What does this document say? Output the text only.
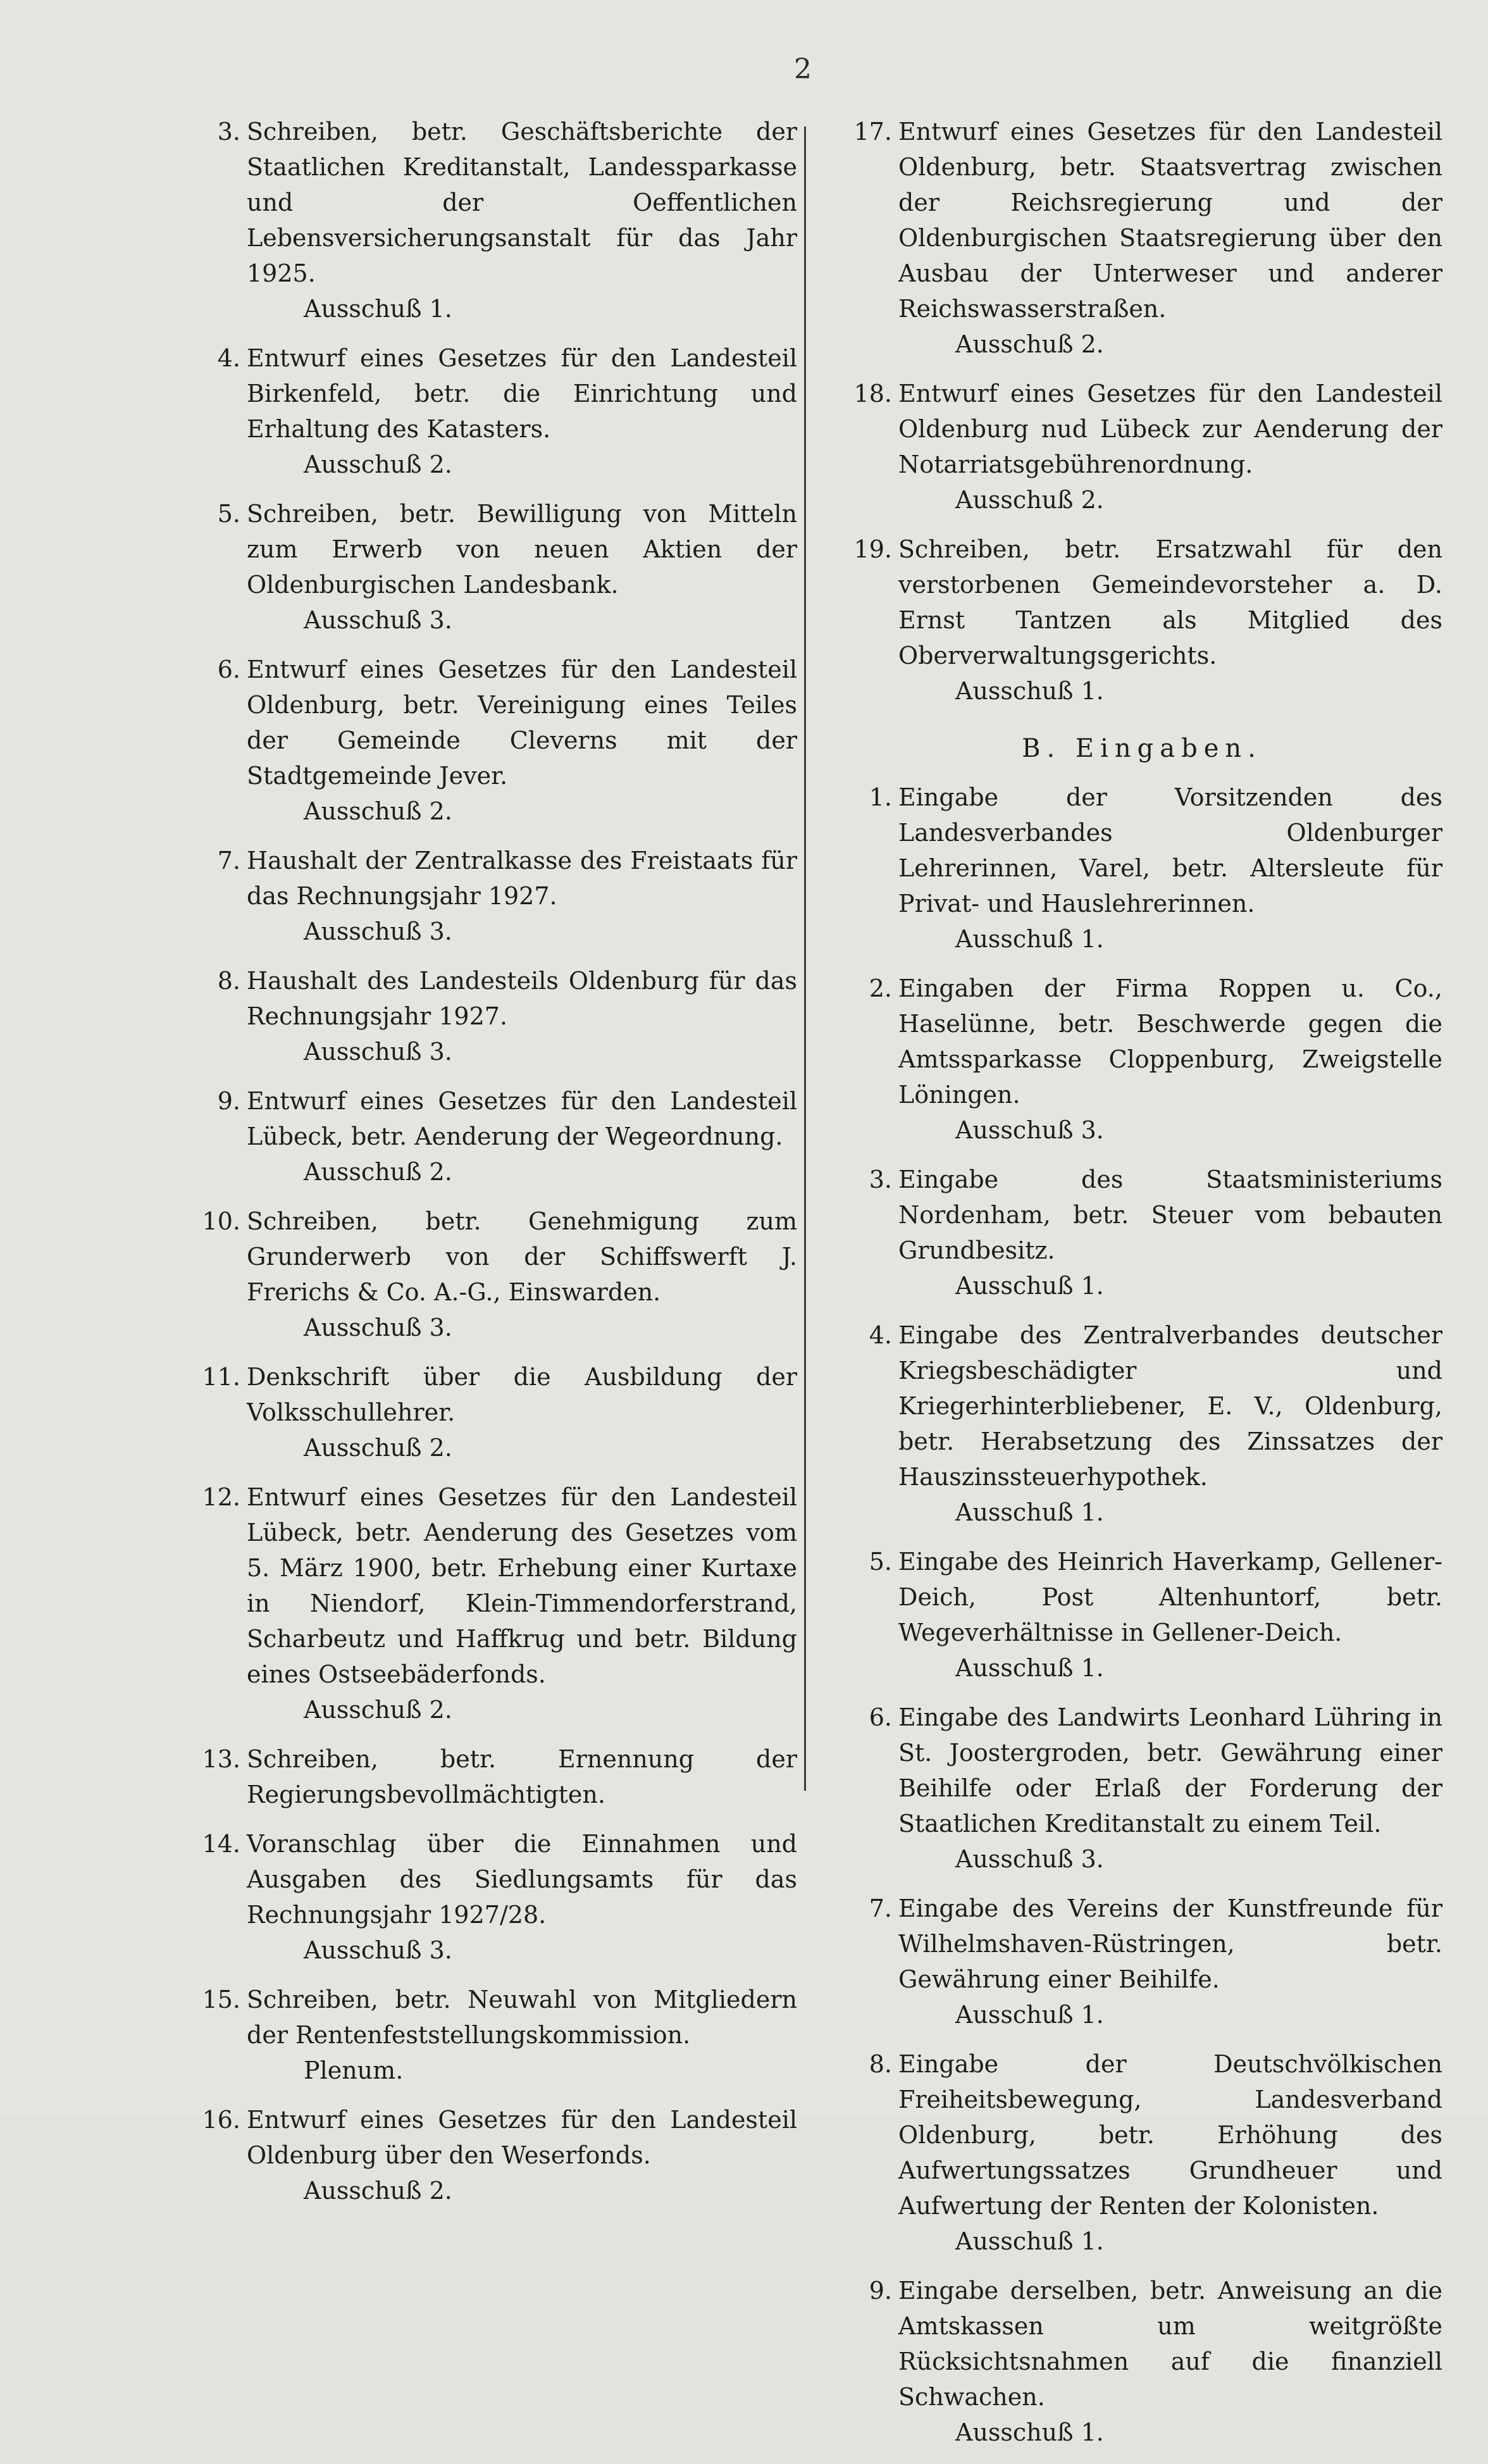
2
3. Schreiben, betr. Geschäftsberichte der Staatlichen Kreditanstalt, Landessparkasse und der Oeffentlichen Lebensversicherungsanstalt für das Jahr 1925.
Ausschuß 1.
4. Entwurf eines Gesetzes für den Landesteil Birkenfeld, betr. die Einrichtung und Erhaltung des Katasters.
Ausschuß 2.
5. Schreiben, betr. Bewilligung von Mitteln zum Erwerb von neuen Aktien der Oldenburgischen Landesbank.
Ausschuß 3.
6. Entwurf eines Gesetzes für den Landesteil Oldenburg, betr. Vereinigung eines Teiles der Gemeinde Cleverns mit der Stadtgemeinde Jever.
Ausschuß 2.
7. Haushalt der Zentralkasse des Freistaats für das Rechnungsjahr 1927.
Ausschuß 3.
8. Haushalt des Landesteils Oldenburg für das Rechnungsjahr 1927.
Ausschuß 3.
9. Entwurf eines Gesetzes für den Landesteil Lübeck, betr. Aenderung der Wegeordnung.
Ausschuß 2.
10. Schreiben, betr. Genehmigung zum Grunderwerb von der Schiffswerft J. Frerichs & Co. A.-G., Einswarden.
Ausschuß 3.
11. Denkschrift über die Ausbildung der Volksschullehrer.
Ausschuß 2.
12. Entwurf eines Gesetzes für den Landesteil Lübeck, betr. Aenderung des Gesetzes vom 5. März 1900, betr. Erhebung einer Kurtaxe in Niendorf, Klein-Timmendorferstrand, Scharbeutz und Haffkrug und betr. Bildung eines Ostseebäderfonds.
Ausschuß 2.
13. Schreiben, betr. Ernennung der Regierungsbevollmächtigten.
14. Voranschlag über die Einnahmen und Ausgaben des Siedlungsamts für das Rechnungsjahr 1927/28.
Ausschuß 3.
15. Schreiben, betr. Neuwahl von Mitgliedern der Rentenfeststellungskommission.
Plenum.
16. Entwurf eines Gesetzes für den Landesteil Oldenburg über den Weserfonds.
Ausschuß 2.
17. Entwurf eines Gesetzes für den Landesteil Oldenburg, betr. Staatsvertrag zwischen der Reichsregierung und der Oldenburgischen Staatsregierung über den Ausbau der Unterweser und anderer Reichswasserstraßen.
Ausschuß 2.
18. Entwurf eines Gesetzes für den Landesteil Oldenburg nud Lübeck zur Aenderung der Notarriatsgebührenordnung.
Ausschuß 2.
19. Schreiben, betr. Ersatzwahl für den verstorbenen Gemeindevorsteher a. D. Ernst Tantzen als Mitglied des Oberverwaltungsgerichts.
Ausschuß 1.
B. Eingaben.
1. Eingabe der Vorsitzenden des Landesverbandes Oldenburger Lehrerinnen, Varel, betr. Altersleute für Privat- und Hauslehrerinnen.
Ausschuß 1.
2. Eingaben der Firma Roppen u. Co., Haselünne, betr. Beschwerde gegen die Amtssparkasse Cloppenburg, Zweigstelle Löningen.
Ausschuß 3.
3. Eingabe des Staatsministeriums Nordenham, betr. Steuer vom bebauten Grundbesitz.
Ausschuß 1.
4. Eingabe des Zentralverbandes deutscher Kriegsbeschädigter und Kriegerhinterbliebener, E. V., Oldenburg, betr. Herabsetzung des Zinssatzes der Hauszinssteuerhypothek.
Ausschuß 1.
5. Eingabe des Heinrich Haverkamp, Gellener-Deich, Post Altenhuntorf, betr. Wegeverhältnisse in Gellener-Deich.
Ausschuß 1.
6. Eingabe des Landwirts Leonhard Lühring in St. Joostergroden, betr. Gewährung einer Beihilfe oder Erlaß der Forderung der Staatlichen Kreditanstalt zu einem Teil.
Ausschuß 3.
7. Eingabe des Vereins der Kunstfreunde für Wilhelmshaven-Rüstringen, betr. Gewährung einer Beihilfe.
Ausschuß 1.
8. Eingabe der Deutschvölkischen Freiheitsbewegung, Landesverband Oldenburg, betr. Erhöhung des Aufwertungssatzes Grundheuer und Aufwertung der Renten der Kolonisten.
Ausschuß 1.
9. Eingabe derselben, betr. Anweisung an die Amtskassen um weitgrößte Rücksichtsnahmen auf die finanziell Schwachen.
Ausschuß 1.
